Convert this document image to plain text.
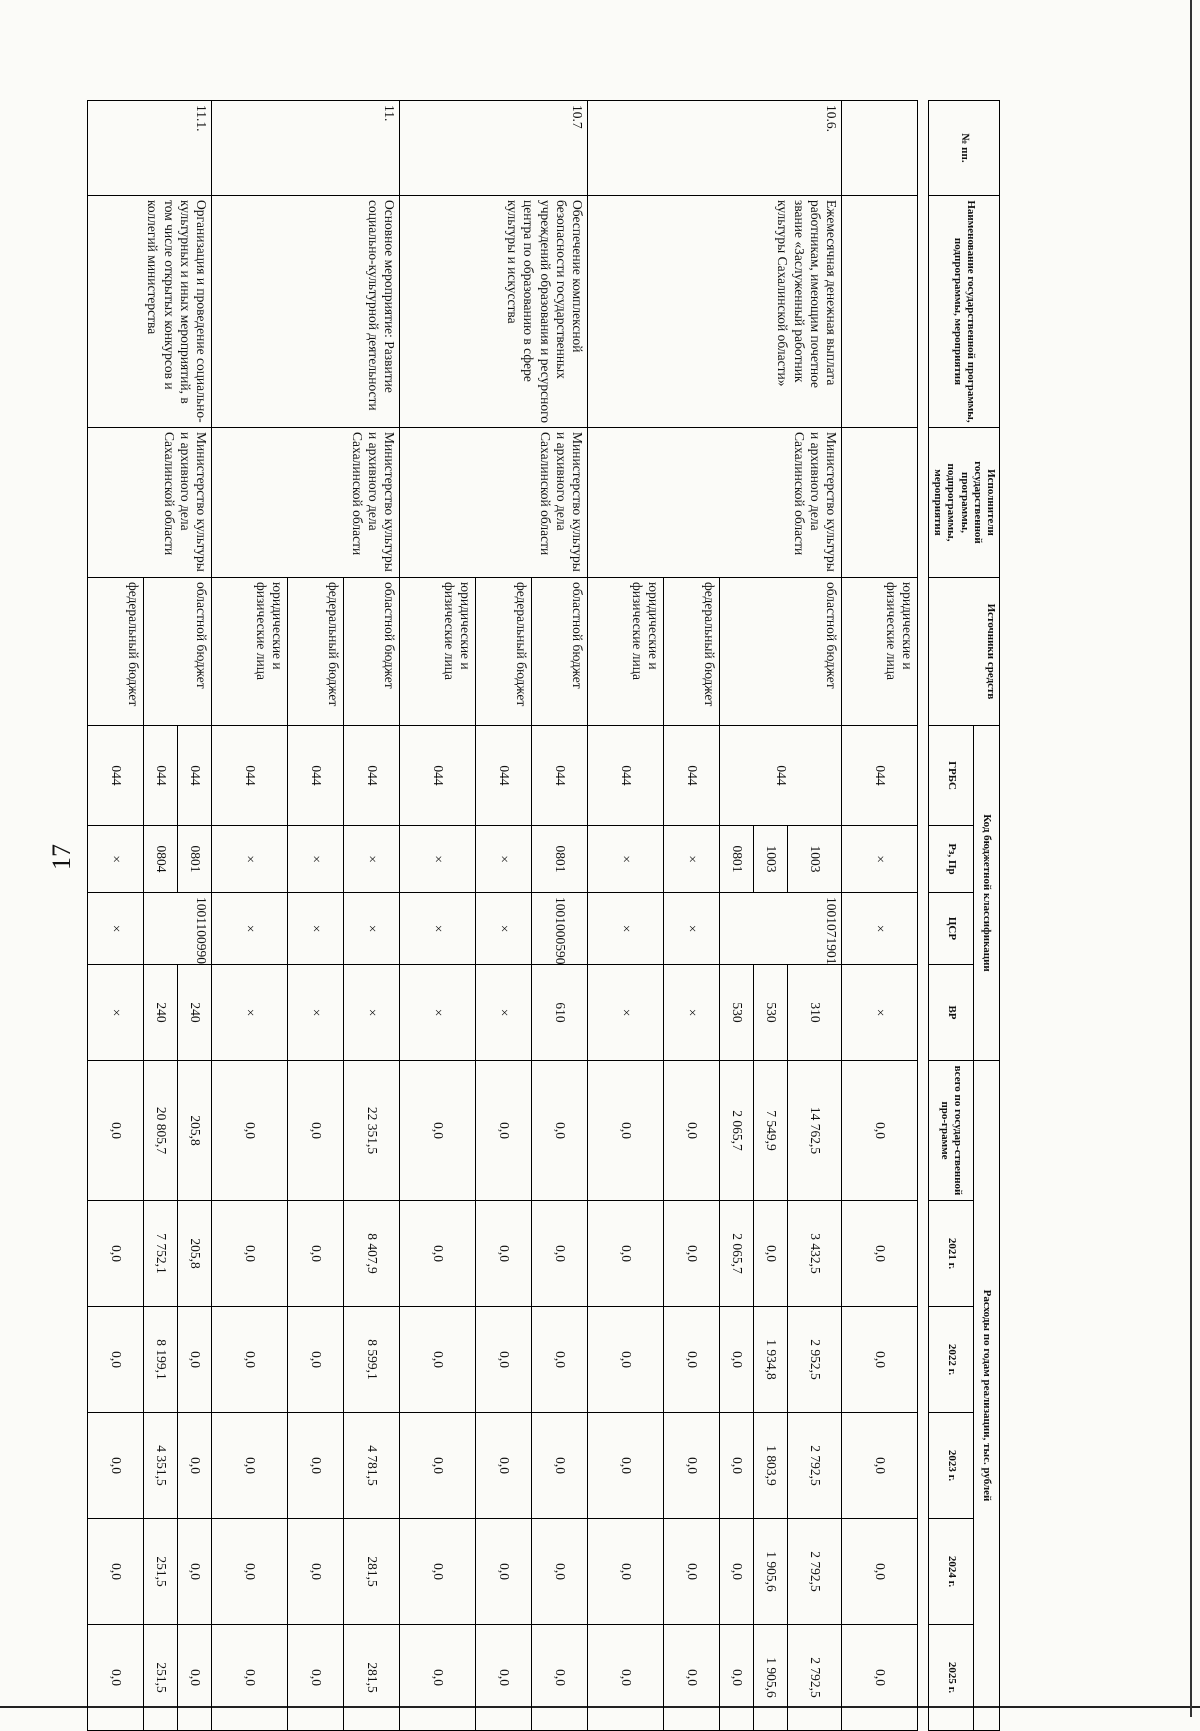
17
№ пп.	Наименование государственной программы, подпрограммы, мероприятия	Исполнители государственной программы, подпрограммы, мероприятия	Источники средств	Код бюджетной классификации				Расходы по годам реализации, тыс. рублей					
				ГРБС	Рз, Пр	ЦСР	ВР	всего по государ-ственной про-грамме	2021 г.	2022 г.	2023 г.	2024 г.	2025 г.

			юридические и физические лица	044	×	×	×	0,0	0,0	0,0	0,0	0,0	0,0
10.6.	Ежемесячная денежная выплата работникам, имеющим почетное звание «Заслуженный работник культуры Сахалинской области»	Министерство культуры и архивного дела Сахалинской области	областной бюджет	044	1003	1001071901	310	14 762,5	3 432,5	2 952,5	2 792,5	2 792,5	2 792,5
					1003		530	7 549,9	0,0	1 934,8	1 803,9	1 905,6	1 905,6
					0801		530	2 065,7	2 065,7	0,0	0,0	0,0	0,0
			федеральный бюджет	044	×	×	×	0,0	0,0	0,0	0,0	0,0	0,0
			юридические и физические лица	044	×	×	×	0,0	0,0	0,0	0,0	0,0	0,0
10.7	Обеспечение комплексной безопасности государственных учреждений образования и ресурсного центра по образованию в сфере культуры и искусства	Министерство культуры и архивного дела Сахалинской области	областной бюджет	044	0801	1001000590	610	0,0	0,0	0,0	0,0	0,0	0,0
			федеральный бюджет	044	×	×	×	0,0	0,0	0,0	0,0	0,0	0,0
			юридические и физические лица	044	×	×	×	0,0	0,0	0,0	0,0	0,0	0,0
11.	Основное мероприятие: Развитие социально-культурной деятельности	Министерство культуры и архивного дела Сахалинской области	областной бюджет	044	×	×	×	22 351,5	8 407,9	8 599,1	4 781,5	281,5	281,5
			федеральный бюджет	044	×	×	×	0,0	0,0	0,0	0,0	0,0	0,0
			юридические и физические лица	044	×	×	×	0,0	0,0	0,0	0,0	0,0	0,0
11.1.	Организация и проведение социально-культурных и иных мероприятий, в том числе открытых конкурсов и коллегий министерства	Министерство культуры и архивного дела Сахалинской области	областной бюджет	044	0801	1001100990	240	205,8	205,8	0,0	0,0	0,0	0,0
				044	0804		240	20 805,7	7 752,1	8 199,1	4 351,5	251,5	251,5
			федеральный бюджет	044	×	×	×	0,0	0,0	0,0	0,0	0,0	0,0
